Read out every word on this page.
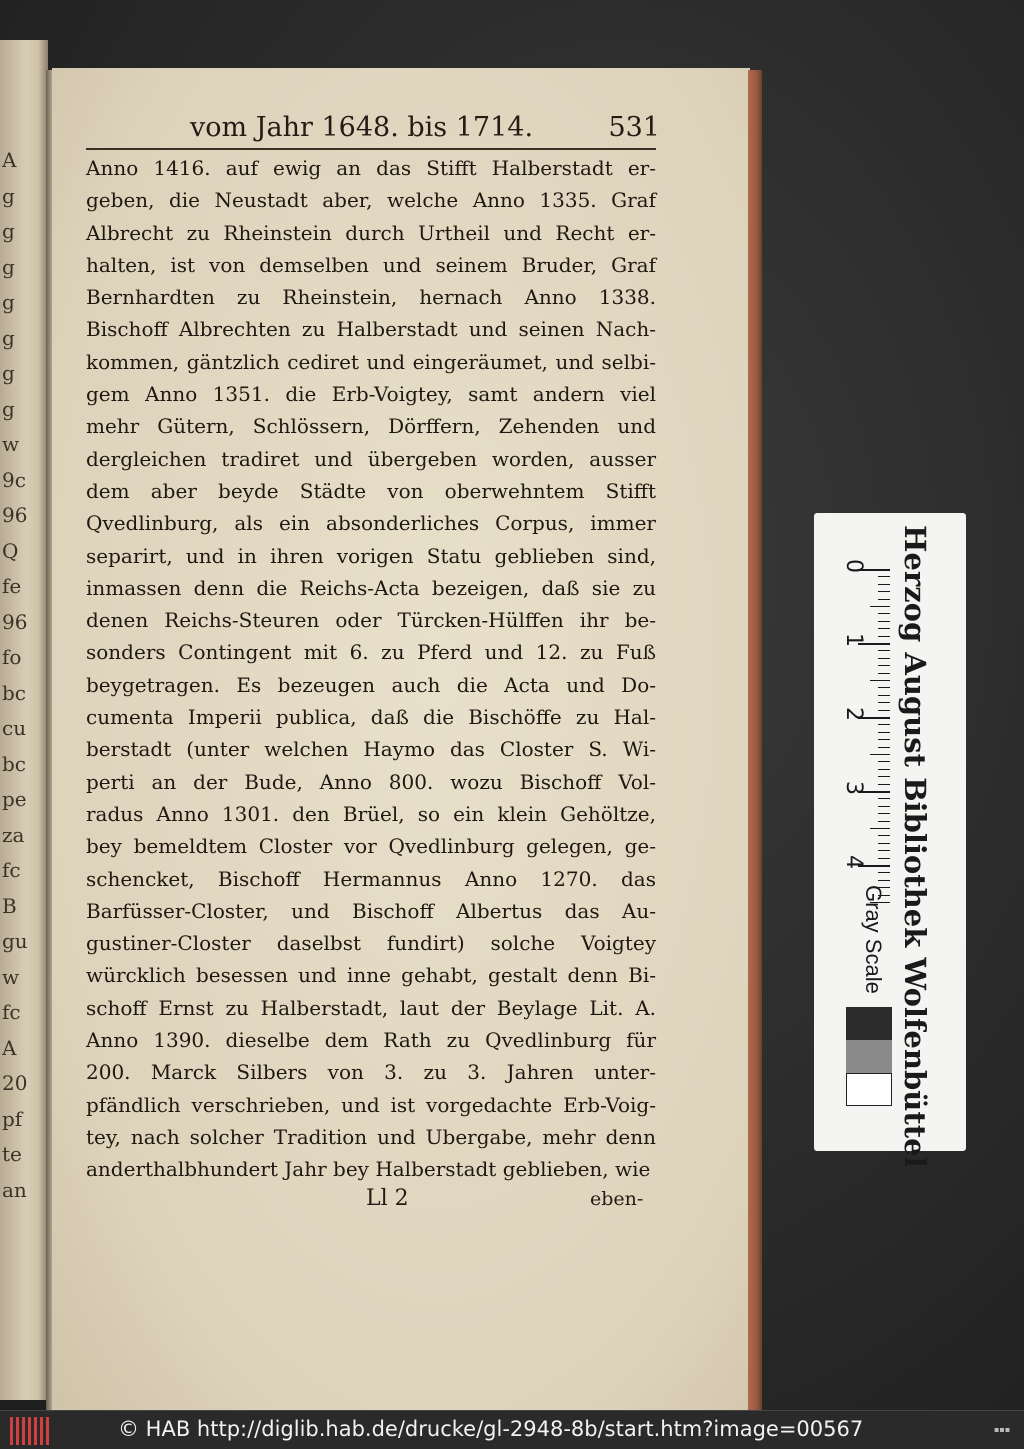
A
g
g
g
g
g
g
g
w
9c
96
Q
fe
96
fo
bc
cu
bc
pe
za
fc
B
gu
w
fc
A
20
pf
te
an
vom Jahr 1648. bis 1714.	531
Anno 1416. auf ewig an das Stifft Halberstadt er-
geben, die Neustadt aber, welche Anno 1335. Graf
Albrecht zu Rheinstein durch Urtheil und Recht er-
halten, ist von demselben und seinem Bruder, Graf
Bernhardten zu Rheinstein, hernach Anno 1338.
Bischoff Albrechten zu Halberstadt und seinen Nach-
kommen, gäntzlich cediret und eingeräumet, und selbi-
gem Anno 1351. die Erb-Voigtey, samt andern viel
mehr Gütern, Schlössern, Dörffern, Zehenden und
dergleichen tradiret und übergeben worden, ausser
dem aber beyde Städte von oberwehntem Stifft
Qvedlinburg, als ein absonderliches Corpus, immer
separirt, und in ihren vorigen Statu geblieben sind,
inmassen denn die Reichs-Acta bezeigen, daß sie zu
denen Reichs-Steuren oder Türcken-Hülffen ihr be-
sonders Contingent mit 6. zu Pferd und 12. zu Fuß
beygetragen. Es bezeugen auch die Acta und Do-
cumenta Imperii publica, daß die Bischöffe zu Hal-
berstadt (unter welchen Haymo das Closter S. Wi-
perti an der Bude, Anno 800. wozu Bischoff Vol-
radus Anno 1301. den Brüel, so ein klein Gehöltze,
bey bemeldtem Closter vor Qvedlinburg gelegen, ge-
schencket, Bischoff Hermannus Anno 1270. das
Barfüsser-Closter, und Bischoff Albertus das Au-
gustiner-Closter daselbst fundirt) solche Voigtey
würcklich besessen und inne gehabt, gestalt denn Bi-
schoff Ernst zu Halberstadt, laut der Beylage Lit. A.
Anno 1390. dieselbe dem Rath zu Qvedlinburg für
200. Marck Silbers von 3. zu 3. Jahren unter-
pfändlich verschrieben, und ist vorgedachte Erb-Voig-
tey, nach solcher Tradition und Ubergabe, mehr denn
anderthalbhundert Jahr bey Halberstadt geblieben, wie
Ll 2	eben-
Herzog August Bibliothek Wolfenbüttel
0
1
2
3
4
Gray Scale
© HAB http://diglib.hab.de/drucke/gl-2948-8b/start.htm?image=00567	▪▪▪
